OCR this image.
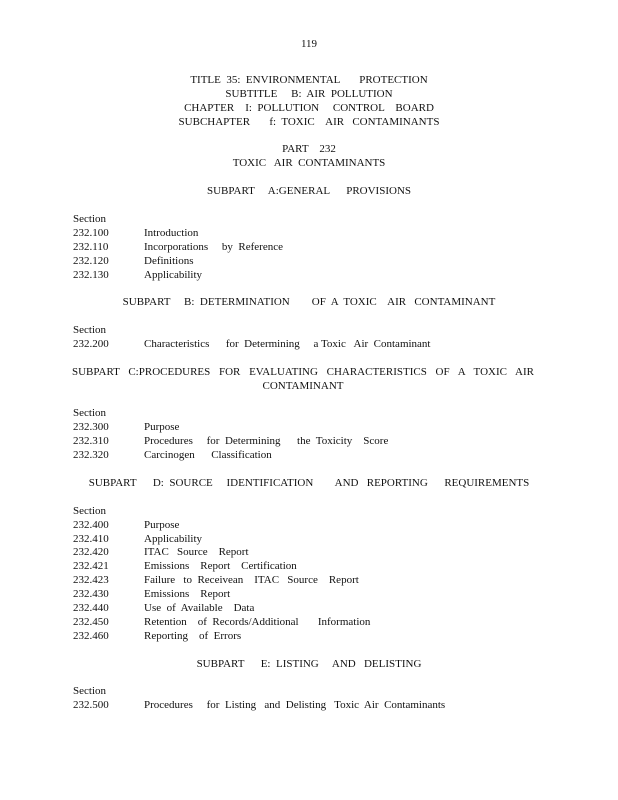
119
TITLE  35:  ENVIRONMENTAL       PROTECTION
SUBTITLE     B:  AIR  POLLUTION
CHAPTER    I:  POLLUTION     CONTROL    BOARD
SUBCHAPTER       f:  TOXIC    AIR   CONTAMINANTS
PART    232
TOXIC   AIR  CONTAMINANTS
SUBPART     A:GENERAL      PROVISIONS
Section
232.100	Introduction
232.110	Incorporations     by  Reference
232.120	Definitions
232.130	Applicability
SUBPART     B:  DETERMINATION        OF  A  TOXIC    AIR   CONTAMINANT
Section
232.200	Characteristics      for  Determining     a Toxic   Air  Contaminant
SUBPART C:PROCEDURES FOR EVALUATING CHARACTERISTICS OF A TOXIC AIR CONTAMINANT
Section
232.300	Purpose
232.310	Procedures     for  Determining      the  Toxicity    Score
232.320	Carcinogen      Classification
SUBPART      D:  SOURCE     IDENTIFICATION        AND   REPORTING      REQUIREMENTS
Section
232.400	Purpose
232.410	Applicability
232.420	ITAC   Source    Report
232.421	Emissions    Report    Certification
232.423	Failure   to  Receivean    ITAC   Source    Report
232.430	Emissions    Report
232.440	Use  of  Available    Data
232.450	Retention    of  Records/Additional       Information
232.460	Reporting    of  Errors
SUBPART      E:  LISTING     AND   DELISTING
Section
232.500	Procedures     for  Listing   and  Delisting   Toxic  Air  Contaminants
